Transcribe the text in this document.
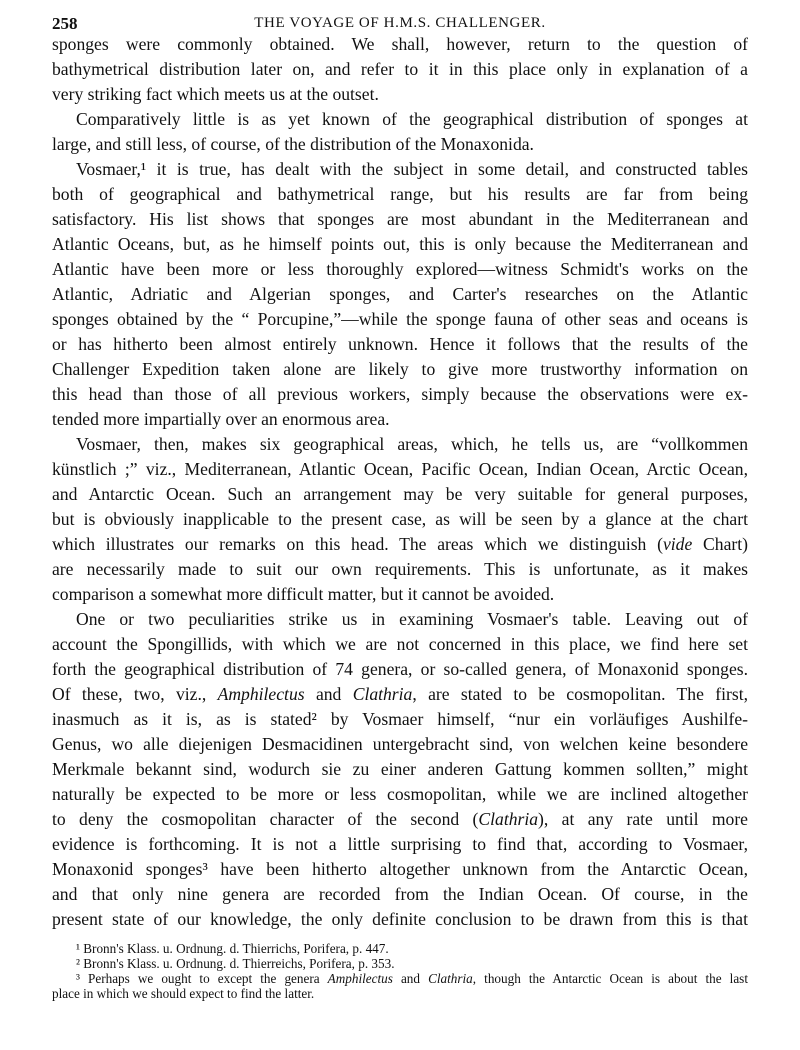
258	THE VOYAGE OF H.M.S. CHALLENGER.
sponges were commonly obtained. We shall, however, return to the question of
bathymetrical distribution later on, and refer to it in this place only in explanation of a
very striking fact which meets us at the outset.
Comparatively little is as yet known of the geographical distribution of sponges at
large, and still less, of course, of the distribution of the Monaxonida.
Vosmaer,¹ it is true, has dealt with the subject in some detail, and constructed tables
both of geographical and bathymetrical range, but his results are far from being
satisfactory. His list shows that sponges are most abundant in the Mediterranean and
Atlantic Oceans, but, as he himself points out, this is only because the Mediterranean and
Atlantic have been more or less thoroughly explored—witness Schmidt's works on the
Atlantic, Adriatic and Algerian sponges, and Carter's researches on the Atlantic
sponges obtained by the “ Porcupine,”—while the sponge fauna of other seas and oceans is
or has hitherto been almost entirely unknown. Hence it follows that the results of the
Challenger Expedition taken alone are likely to give more trustworthy information on
this head than those of all previous workers, simply because the observations were ex-
tended more impartially over an enormous area.
Vosmaer, then, makes six geographical areas, which, he tells us, are “vollkommen
künstlich ;” viz., Mediterranean, Atlantic Ocean, Pacific Ocean, Indian Ocean, Arctic Ocean,
and Antarctic Ocean. Such an arrangement may be very suitable for general purposes,
but is obviously inapplicable to the present case, as will be seen by a glance at the chart
which illustrates our remarks on this head. The areas which we distinguish (vide Chart)
are necessarily made to suit our own requirements. This is unfortunate, as it makes
comparison a somewhat more difficult matter, but it cannot be avoided.
One or two peculiarities strike us in examining Vosmaer's table. Leaving out of
account the Spongillids, with which we are not concerned in this place, we find here set
forth the geographical distribution of 74 genera, or so-called genera, of Monaxonid sponges.
Of these, two, viz., Amphilectus and Clathria, are stated to be cosmopolitan. The first,
inasmuch as it is, as is stated² by Vosmaer himself, “nur ein vorläufiges Aushilfe-
Genus, wo alle diejenigen Desmacidinen untergebracht sind, von welchen keine besondere
Merkmale bekannt sind, wodurch sie zu einer anderen Gattung kommen sollten,” might
naturally be expected to be more or less cosmopolitan, while we are inclined altogether
to deny the cosmopolitan character of the second (Clathria), at any rate until more
evidence is forthcoming. It is not a little surprising to find that, according to Vosmaer,
Monaxonid sponges³ have been hitherto altogether unknown from the Antarctic Ocean,
and that only nine genera are recorded from the Indian Ocean. Of course, in the
present state of our knowledge, the only definite conclusion to be drawn from this is that
¹ Bronn's Klass. u. Ordnung. d. Thierrichs, Porifera, p. 447.
² Bronn's Klass. u. Ordnung. d. Thierreichs, Porifera, p. 353.
³ Perhaps we ought to except the genera Amphilectus and Clathria, though the Antarctic Ocean is about the last
place in which we should expect to find the latter.
